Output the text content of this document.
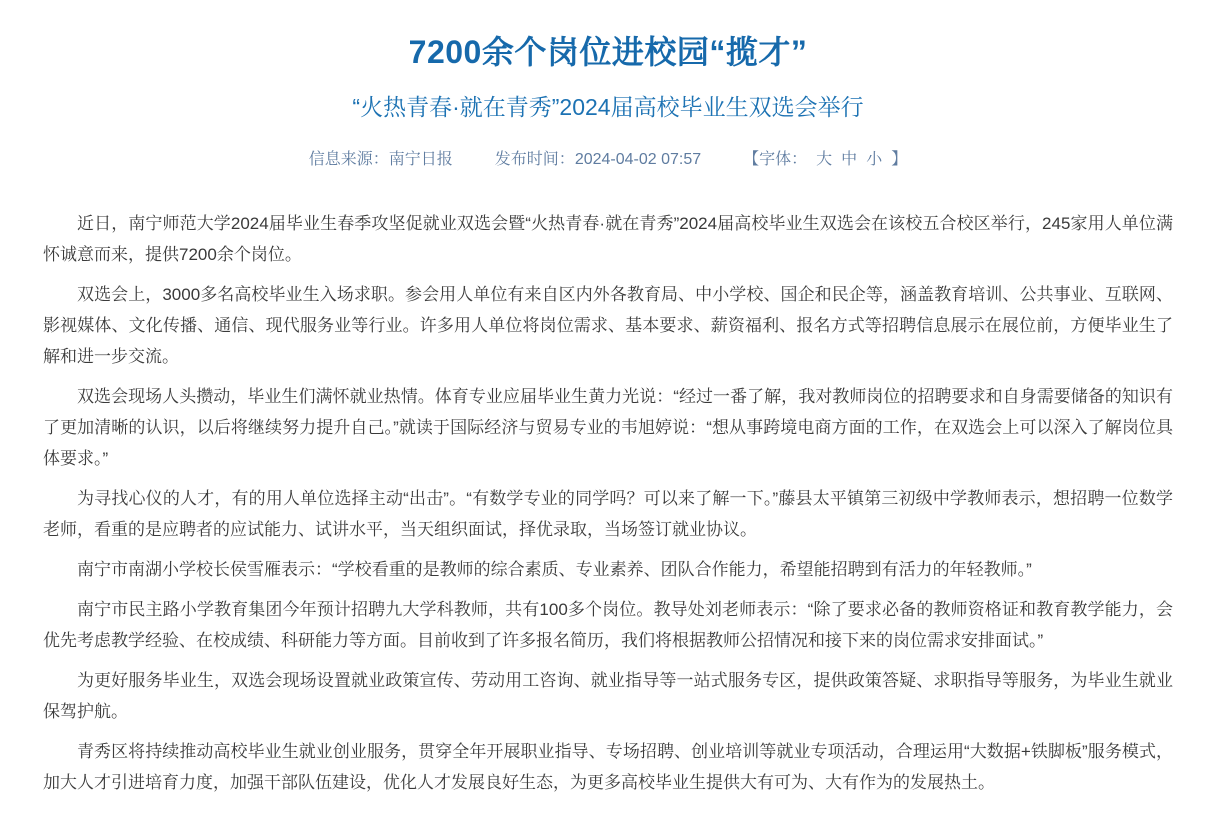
7200余个岗位进校园“揽才”
“火热青春·就在青秀”2024届高校毕业生双选会举行
信息来源：南宁日报	发布时间：2024-04-02 07:57	【字体： 大 中 小 】

近日，南宁师范大学2024届毕业生春季攻坚促就业双选会暨“火热青春·就在青秀”2024届高校毕业生双选会在该校五合校区举行，245家用人单位满怀诚意而来，提供7200余个岗位。

双选会上，3000多名高校毕业生入场求职。参会用人单位有来自区内外各教育局、中小学校、国企和民企等，涵盖教育培训、公共事业、互联网、影视媒体、文化传播、通信、现代服务业等行业。许多用人单位将岗位需求、基本要求、薪资福利、报名方式等招聘信息展示在展位前，方便毕业生了解和进一步交流。

双选会现场人头攒动，毕业生们满怀就业热情。体育专业应届毕业生黄力光说：“经过一番了解，我对教师岗位的招聘要求和自身需要储备的知识有了更加清晰的认识，以后将继续努力提升自己。”就读于国际经济与贸易专业的韦旭婷说：“想从事跨境电商方面的工作，在双选会上可以深入了解岗位具体要求。”

为寻找心仪的人才，有的用人单位选择主动“出击”。“有数学专业的同学吗？可以来了解一下。”藤县太平镇第三初级中学教师表示，想招聘一位数学老师，看重的是应聘者的应试能力、试讲水平，当天组织面试，择优录取，当场签订就业协议。

南宁市南湖小学校长侯雪雁表示：“学校看重的是教师的综合素质、专业素养、团队合作能力，希望能招聘到有活力的年轻教师。”

南宁市民主路小学教育集团今年预计招聘九大学科教师，共有100多个岗位。教导处刘老师表示：“除了要求必备的教师资格证和教育教学能力，会优先考虑教学经验、在校成绩、科研能力等方面。目前收到了许多报名简历，我们将根据教师公招情况和接下来的岗位需求安排面试。”

为更好服务毕业生，双选会现场设置就业政策宣传、劳动用工咨询、就业指导等一站式服务专区，提供政策答疑、求职指导等服务，为毕业生就业保驾护航。

青秀区将持续推动高校毕业生就业创业服务，贯穿全年开展职业指导、专场招聘、创业培训等就业专项活动，合理运用“大数据+铁脚板”服务模式，加大人才引进培育力度，加强干部队伍建设，优化人才发展良好生态，为更多高校毕业生提供大有可为、大有作为的发展热土。
